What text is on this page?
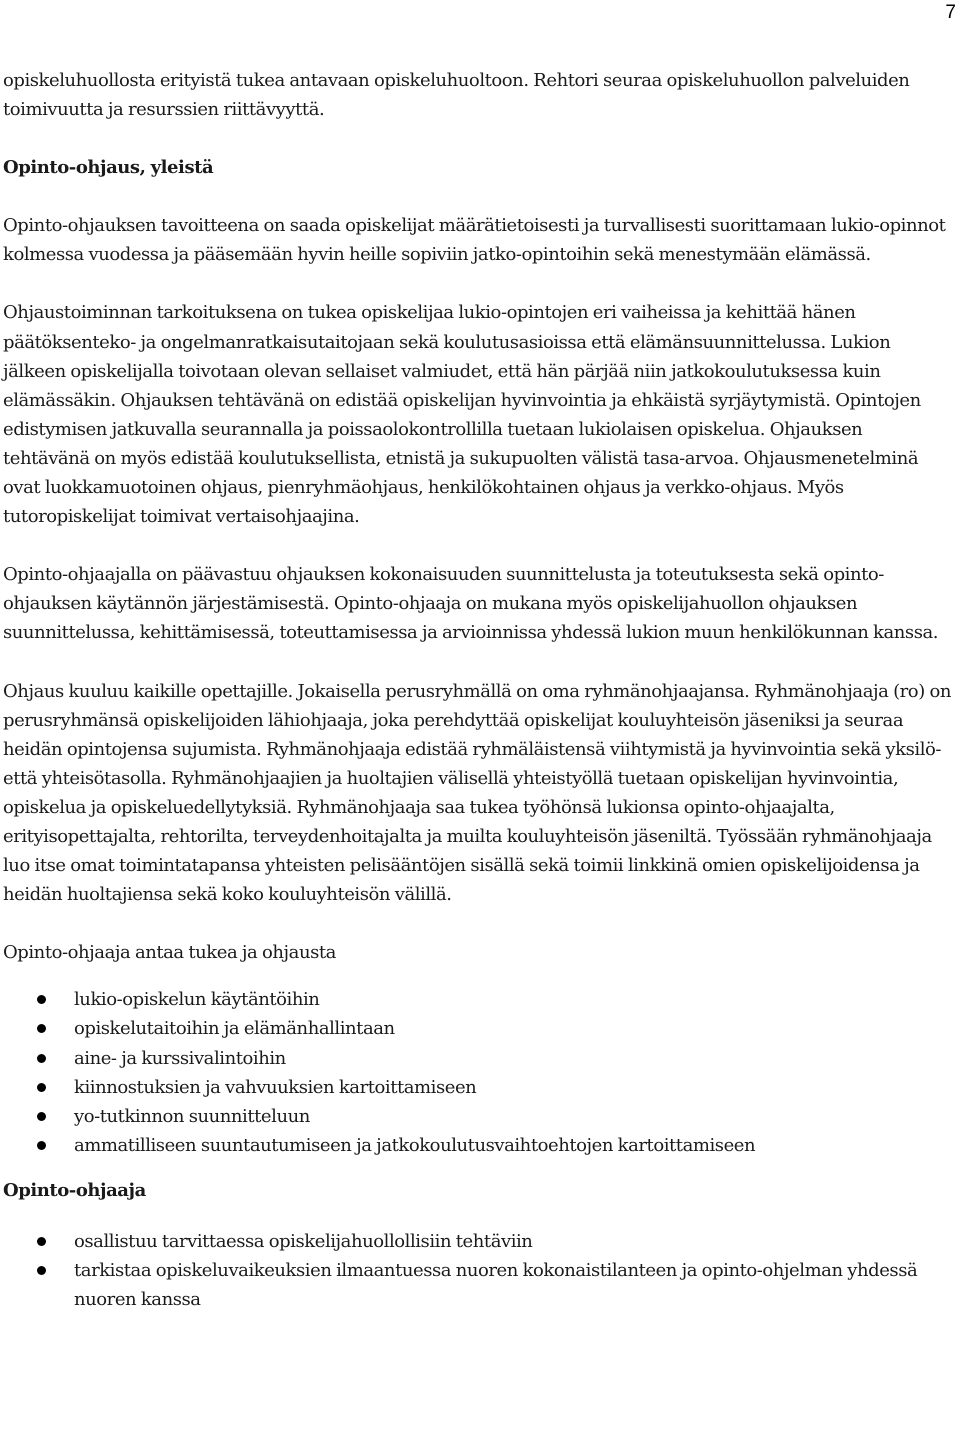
7

opiskeluhuollosta erityistä tukea antavaan opiskeluhuoltoon. Rehtori seuraa opiskeluhuollon palveluiden toimivuutta ja resurssien riittävyyttä.

Opinto-ohjaus, yleistä

Opinto-ohjauksen tavoitteena on saada opiskelijat määrätietoisesti ja turvallisesti suorittamaan lukio-opinnot kolmessa vuodessa ja pääsemään hyvin heille sopiviin jatko-opintoihin sekä menestymään elämässä.

Ohjaustoiminnan tarkoituksena on tukea opiskelijaa lukio-opintojen eri vaiheissa ja kehittää hänen päätöksenteko- ja ongelmanratkaisutaitojaan sekä koulutusasioissa että elämänsuunnittelussa. Lukion jälkeen opiskelijalla toivotaan olevan sellaiset valmiudet, että hän pärjää niin jatkokoulutuksessa kuin elämässäkin. Ohjauksen tehtävänä on edistää opiskelijan hyvinvointia ja ehkäistä syrjäytymistä. Opintojen edistymisen jatkuvalla seurannalla ja poissaolokontrollilla tuetaan lukiolaisen opiskelua. Ohjauksen tehtävänä on myös edistää koulutuksellista, etnistä ja sukupuolten välistä tasa-arvoa. Ohjausmenetelminä ovat luokkamuotoinen ohjaus, pienryhmäohjaus, henkilökohtainen ohjaus ja verkko-ohjaus. Myös tutoropiskelijat toimivat vertaisohjaajina.

Opinto-ohjaajalla on päävastuu ohjauksen kokonaisuuden suunnittelusta ja toteutuksesta sekä opinto-ohjauksen käytännön järjestämisestä. Opinto-ohjaaja on mukana myös opiskelijahuollon ohjauksen suunnittelussa, kehittämisessä, toteuttamisessa ja arvioinnissa yhdessä lukion muun henkilökunnan kanssa.

Ohjaus kuuluu kaikille opettajille. Jokaisella perusryhmällä on oma ryhmänohjaajansa. Ryhmänohjaaja (ro) on perusryhmänsä opiskelijoiden lähiohjaaja, joka perehdyttää opiskelijat kouluyhteisön jäseniksi ja seuraa heidän opintojensa sujumista. Ryhmänohjaaja edistää ryhmäläistensä viihtymistä ja hyvinvointia sekä yksilö- että yhteisötasolla. Ryhmänohjaajien ja huoltajien välisellä yhteistyöllä tuetaan opiskelijan hyvinvointia, opiskelua ja opiskeluedellytyksiä. Ryhmänohjaaja saa tukea työhönsä lukionsa opinto-ohjaajalta, erityisopettajalta, rehtorilta, terveydenhoitajalta ja muilta kouluyhteisön jäseniltä. Työssään ryhmänohjaaja luo itse omat toimintatapansa yhteisten pelisääntöjen sisällä sekä toimii linkkinä omien opiskelijoidensa ja heidän huoltajiensa sekä koko kouluyhteisön välillä.

Opinto-ohjaaja antaa tukea ja ohjausta

lukio-opiskelun käytäntöihin
opiskelutaitoihin ja elämänhallintaan
aine- ja kurssivalintoihin
kiinnostuksien ja vahvuuksien kartoittamiseen
yo-tutkinnon suunnitteluun
ammatilliseen suuntautumiseen ja jatkokoulutusvaihtoehtojen kartoittamiseen
Opinto-ohjaaja
osallistuu tarvittaessa opiskelijahuollollisiin tehtäviin
tarkistaa opiskeluvaikeuksien ilmaantuessa nuoren kokonaistilanteen ja opinto-ohjelman yhdessä nuoren kanssa
